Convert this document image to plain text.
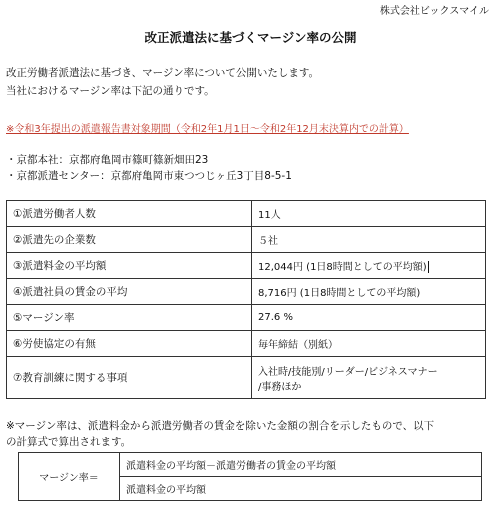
株式会社ビックスマイル
改正派遣法に基づくマージン率の公開
改正労働者派遣法に基づき、マージン率について公開いたします。
当社におけるマージン率は下記の通りです。
※令和3年提出の派遣報告書対象期間（令和2年1月1日～令和2年12月末決算内での計算）
・京都本社：京都府亀岡市篠町篠新畑田23
・京都派遣センター：京都府亀岡市東つつじヶ丘3丁目8-5-1
①派遣労働者人数	11人
②派遣先の企業数	５社
③派遣料金の平均額	12,044円 (1日8時間としての平均額)
④派遣社員の賃金の平均	8,716円 (1日8時間としての平均額)
⑤マージン率	27.6 %
⑥労使協定の有無	毎年締結（別紙）
⑦教育訓練に関する事項	入社時/技能別/リーダー/ビジネスマナー
/事務ほか
※マージン率は、派遣料金から派遣労働者の賃金を除いた金額の割合を示したもので、以下
の計算式で算出されます。
マージン率＝	派遣料金の平均額－派遣労働者の賃金の平均額
派遣料金の平均額
